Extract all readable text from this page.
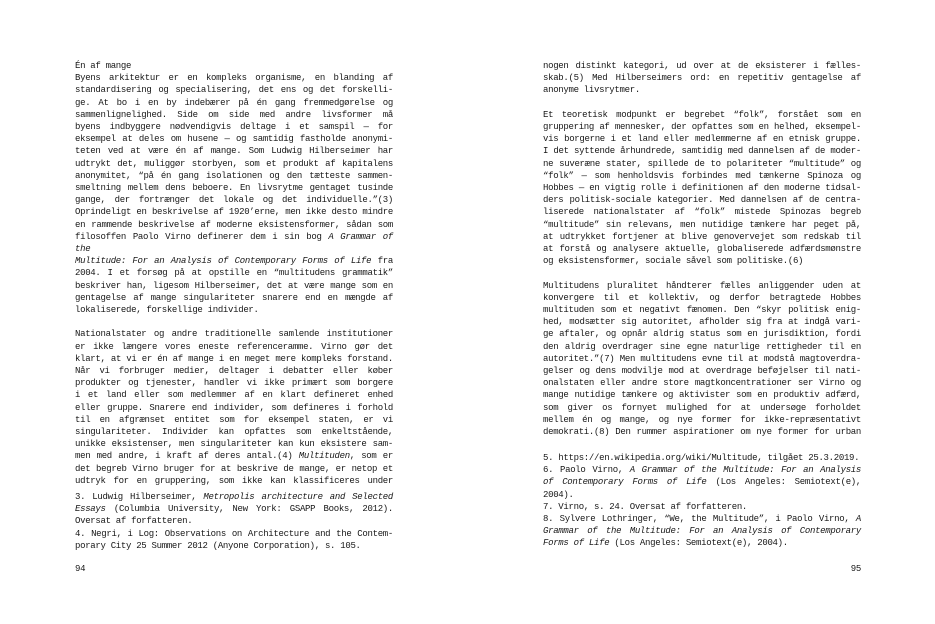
Én af mange
Byens arkitektur er en kompleks organisme, en blanding af
standardisering og specialisering, det ens og det forskelli-
ge. At bo i en by indebærer på én gang fremmedgørelse og
sammenlignelighed. Side om side med andre livsformer må
byens indbyggere nødvendigvis deltage i et samspil — for
eksempel at deles om husene — og samtidig fastholde anonymi-
teten ved at være én af mange. Som Ludwig Hilberseimer har
udtrykt det, muliggør storbyen, som et produkt af kapitalens
anonymitet, “på én gang isolationen og den tætteste sammen-
smeltning mellem dens beboere. En livsrytme gentaget tusinde
gange, der fortrænger det lokale og det individuelle.”(3)
Oprindeligt en beskrivelse af 1920’erne, men ikke desto mindre
en rammende beskrivelse af moderne eksistensformer, sådan som
filosoffen Paolo Virno definerer dem i sin bog A Grammar of the
Multitude: For an Analysis of Contemporary Forms of Life fra
2004. I et forsøg på at opstille en “multitudens grammatik”
beskriver han, ligesom Hilberseimer, det at være mange som en
gentagelse af mange singulariteter snarere end en mængde af
lokaliserede, forskellige individer.
Nationalstater og andre traditionelle samlende institutioner
er ikke længere vores eneste referenceramme. Virno gør det
klart, at vi er én af mange i en meget mere kompleks forstand.
Når vi forbruger medier, deltager i debatter eller køber
produkter og tjenester, handler vi ikke primært som borgere
i et land eller som medlemmer af en klart defineret enhed
eller gruppe. Snarere end individer, som defineres i forhold
til en afgrænset entitet som for eksempel staten, er vi
singulariteter. Individer kan opfattes som enkeltstående,
unikke eksistenser, men singulariteter kan kun eksistere sam-
men med andre, i kraft af deres antal.(4) Multituden, som er
det begreb Virno bruger for at beskrive de mange, er netop et
udtryk for en gruppering, som ikke kan klassificeres under
3. Ludwig Hilberseimer, Metropolis architecture and Selected
Essays (Columbia University, New York: GSAPP Books, 2012).
Oversat af forfatteren.
4. Negri, i Log: Observations on Architecture and the Contem-
porary City 25 Summer 2012 (Anyone Corporation), s. 105.
94
nogen distinkt kategori, ud over at de eksisterer i fælles-
skab.(5) Med Hilberseimers ord: en repetitiv gentagelse af
anonyme livsrytmer.
Et teoretisk modpunkt er begrebet “folk”, forstået som en
gruppering af mennesker, der opfattes som en helhed, eksempel-
vis borgerne i et land eller medlemmerne af en etnisk gruppe.
I det syttende århundrede, samtidig med dannelsen af de moder-
ne suveræne stater, spillede de to polariteter “multitude” og
“folk” — som henholdsvis forbindes med tænkerne Spinoza og
Hobbes — en vigtig rolle i definitionen af den moderne tidsal-
ders politisk-sociale kategorier. Med dannelsen af de centra-
liserede nationalstater af “folk” mistede Spinozas begreb
“multitude” sin relevans, men nutidige tænkere har peget på,
at udtrykket fortjener at blive genovervejet som redskab til
at forstå og analysere aktuelle, globaliserede adfærdsmønstre
og eksistensformer, sociale såvel som politiske.(6)
Multitudens pluralitet håndterer fælles anliggender uden at
konvergere til et kollektiv, og derfor betragtede Hobbes
multituden som et negativt fænomen. Den “skyr politisk enig-
hed, modsætter sig autoritet, afholder sig fra at indgå vari-
ge aftaler, og opnår aldrig status som en jurisdiktion, fordi
den aldrig overdrager sine egne naturlige rettigheder til en
autoritet.”(7) Men multitudens evne til at modstå magtoverdra-
gelser og dens modvilje mod at overdrage beføjelser til nati-
onalstaten eller andre store magtkoncentrationer ser Virno og
mange nutidige tænkere og aktivister som en produktiv adfærd,
som giver os fornyet mulighed for at undersøge forholdet
mellem én og mange, og nye former for ikke-repræsentativt
demokrati.(8) Den rummer aspirationer om nye former for urban
5. https://en.wikipedia.org/wiki/Multitude, tilgået 25.3.2019.
6. Paolo Virno, A Grammar of the Multitude: For an Analysis
of Contemporary Forms of Life (Los Angeles: Semiotext(e),
2004).
7. Virno, s. 24. Oversat af forfatteren.
8. Sylvere Lothringer, “We, the Multitude”, i Paolo Virno, A
Grammar of the Multitude: For an Analysis of Contemporary
Forms of Life (Los Angeles: Semiotext(e), 2004).
95
